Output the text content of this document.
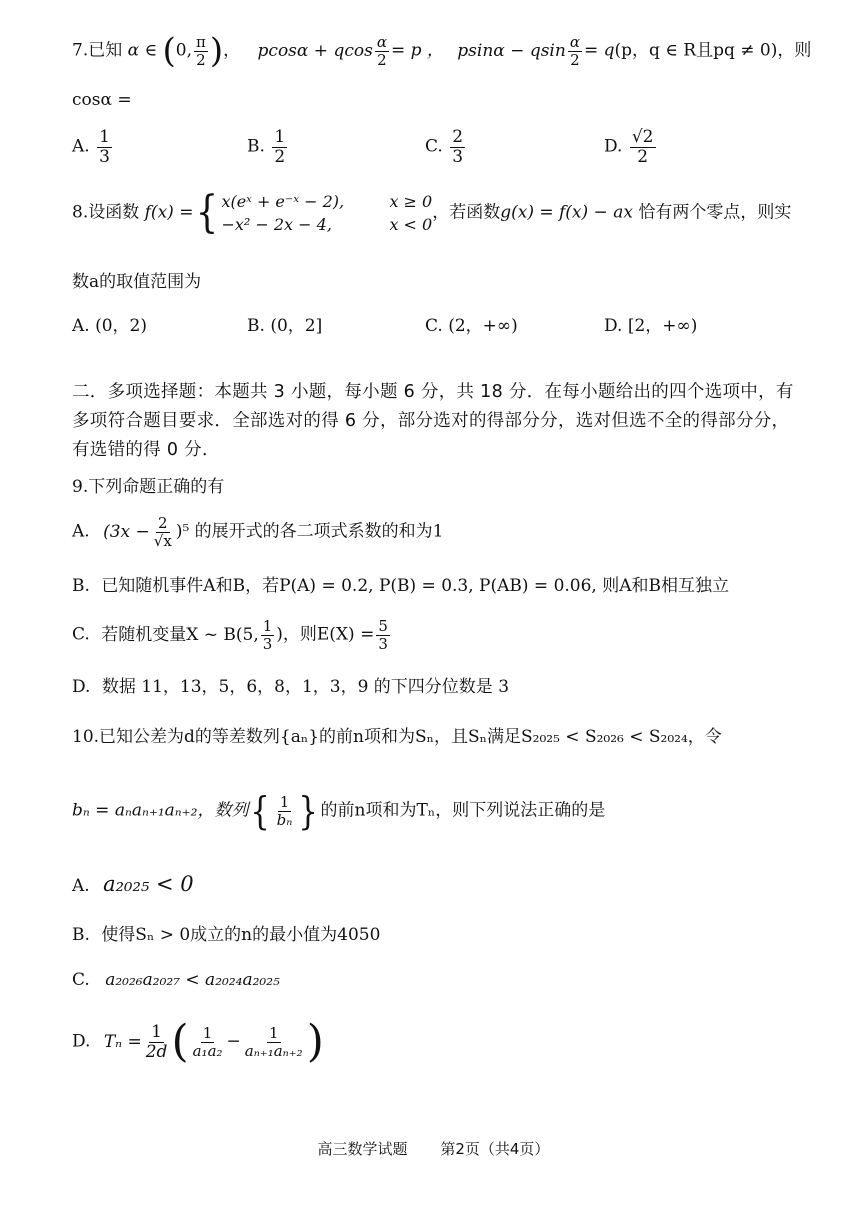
7.已知 α ∈ (0, $\frac{\pi}{2}$ )， pcosα + qcos $\frac{\alpha}{2} = p$ ， psinα − qsin $\frac{\alpha}{2} = q(p$，q ∈ R且pq ≠ 0)，则
cosα =
A. $\frac{1}{3}$	B. $\frac{1}{2}$	C. $\frac{2}{3}$	D. $\frac{√2}{2}$
8.设函数 f(x) ={ x(eˣ + e⁻ˣ − 2),	x ≥ 0
−x² − 2x − 4,	x < 0
，若函数g(x) = f(x) − ax 恰有两个零点，则实
数a的取值范围为
A. (0，2)	B. (0，2]	C. (2，+∞)	D. [2，+∞)
二．多项选择题：本题共 3 小题，每小题 6 分，共 18 分．在每小题给出的四个选项中，有多项符合题目要求．全部选对的得 6 分，部分选对的得部分分，选对但选不全的得部分分，有选错的得 0 分．
9.下列命题正确的有
A. $(3x - \frac{2}{√x} )^5$ 的展开式的各二项式系数的和为1
B. 已知随机事件A和B，若P(A) = 0.2, P(B) = 0.3, P(AB) = 0.06, 则A和B相互独立
C. 若随机变量X ~ B(5, $\frac{1}{3}$ )，则$E(X) = \frac{5}{3}$
D. 数据 11，13，5，6，8，1，3，9 的下四分位数是 3
10.已知公差为d的等差数列{aₙ}的前n项和为Sₙ，且Sₙ满足S₂₀₂₅ < S₂₀₂₆ < S₂₀₂₄，令
bₙ = aₙaₙ₊₁aₙ₊₂，数列{ $\frac{1}{\text{bₙ}}$ } 的前n项和为Tₙ，则下列说法正确的是
A. a₂₀₂₅ < 0
B. 使得Sₙ > 0成立的n的最小值为4050
C. a₂₀₂₆a₂₀₂₇ < a₂₀₂₄a₂₀₂₅
D. $T_n = \frac{1}{2d}$ ( $\frac{1}{\text{a₁a₂}} - \frac{1}{\text{aₙ₊₁aₙ₊₂}}$ )
高三数学试题 第2页（共4页）
